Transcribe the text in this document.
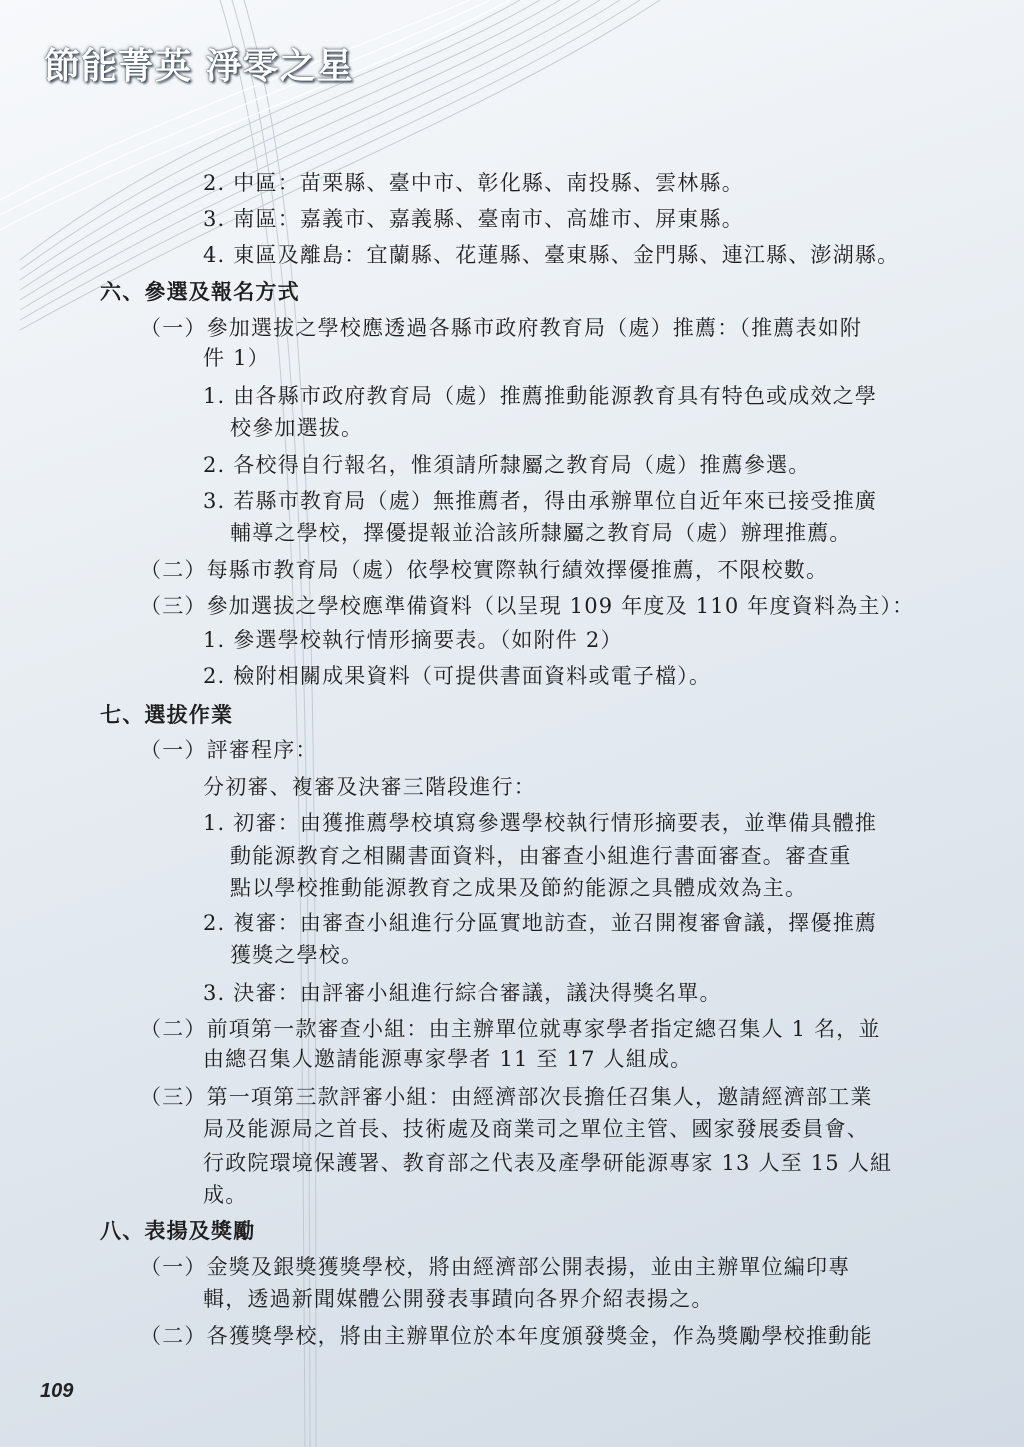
節能菁英 淨零之星
2. 中區：苗栗縣、臺中市、彰化縣、南投縣、雲林縣。
3. 南區：嘉義市、嘉義縣、臺南市、高雄市、屏東縣。
4. 東區及離島：宜蘭縣、花蓮縣、臺東縣、金門縣、連江縣、澎湖縣。
六、參選及報名方式
（一）參加選拔之學校應透過各縣市政府教育局（處）推薦：（推薦表如附
件 1）
1. 由各縣市政府教育局（處）推薦推動能源教育具有特色或成效之學
校參加選拔。
2. 各校得自行報名，惟須請所隸屬之教育局（處）推薦參選。
3. 若縣市教育局（處）無推薦者，得由承辦單位自近年來已接受推廣
輔導之學校，擇優提報並洽該所隸屬之教育局（處）辦理推薦。
（二）每縣市教育局（處）依學校實際執行績效擇優推薦，不限校數。
（三）參加選拔之學校應準備資料（以呈現 109 年度及 110 年度資料為主）：
1. 參選學校執行情形摘要表。（如附件 2）
2. 檢附相關成果資料（可提供書面資料或電子檔）。
七、選拔作業
（一）評審程序：
分初審、複審及決審三階段進行：
1. 初審：由獲推薦學校填寫參選學校執行情形摘要表，並準備具體推
動能源教育之相關書面資料，由審查小組進行書面審查。審查重
點以學校推動能源教育之成果及節約能源之具體成效為主。
2. 複審：由審查小組進行分區實地訪查，並召開複審會議，擇優推薦
獲獎之學校。
3. 決審：由評審小組進行綜合審議，議決得獎名單。
（二）前項第一款審查小組：由主辦單位就專家學者指定總召集人 1 名，並
由總召集人邀請能源專家學者 11 至 17 人組成。
（三）第一項第三款評審小組：由經濟部次長擔任召集人，邀請經濟部工業
局及能源局之首長、技術處及商業司之單位主管、國家發展委員會、
行政院環境保護署、教育部之代表及產學研能源專家 13 人至 15 人組
成。
八、表揚及獎勵
（一）金獎及銀獎獲獎學校，將由經濟部公開表揚，並由主辦單位編印專
輯，透過新聞媒體公開發表事蹟向各界介紹表揚之。
（二）各獲獎學校，將由主辦單位於本年度頒發獎金，作為獎勵學校推動能
109
